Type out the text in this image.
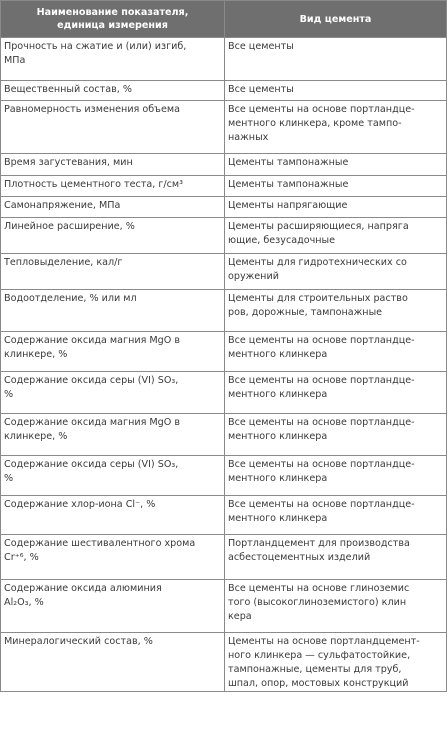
Наименование показателя,
единица измерения	Вид цемента
Прочность на сжатие и (или) изгиб,
МПа	Все цементы
Вещественный состав, %	Все цементы
Равномерность изменения объема	Все цементы на основе портландце-
ментного клинкера, кроме тампо-
нажных
Время загустевания, мин	Цементы тампонажные
Плотность цементного теста, г/см³	Цементы тампонажные
Самонапряжение, МПа	Цементы напрягающие
Линейное расширение, %	Цементы расширяющиеся, напряга
ющие, безусадочные
Тепловыделение, кал/г	Цементы для гидротехнических со
оружений
Водоотделение, % или мл	Цементы для строительных раство
ров, дорожные, тампонажные
Содержание оксида магния MgO в
клинкере, %	Все цементы на основе портландце-
ментного клинкера
Содержание оксида серы (VI) SO₃,
%	Все цементы на основе портландце-
ментного клинкера
Содержание оксида магния MgO в
клинкере, %	Все цементы на основе портландце-
ментного клинкера
Содержание оксида серы (VI) SO₃,
%	Все цементы на основе портландце-
ментного клинкера
Содержание хлор-иона Cl⁻, %	Все цементы на основе портландце-
ментного клинкера
Содержание шестивалентного хрома
Cr⁺⁶, %	Портландцемент для производства
асбестоцементных изделий
Содержание оксида алюминия
Al₂O₃, %	Все цементы на основе глиноземис
того (высокоглиноземистого) клин
кера
Минералогический состав, %	Цементы на основе портландцемент-
ного клинкера — сульфатостойкие,
тампонажные, цементы для труб,
шпал, опор, мостовых конструкций
